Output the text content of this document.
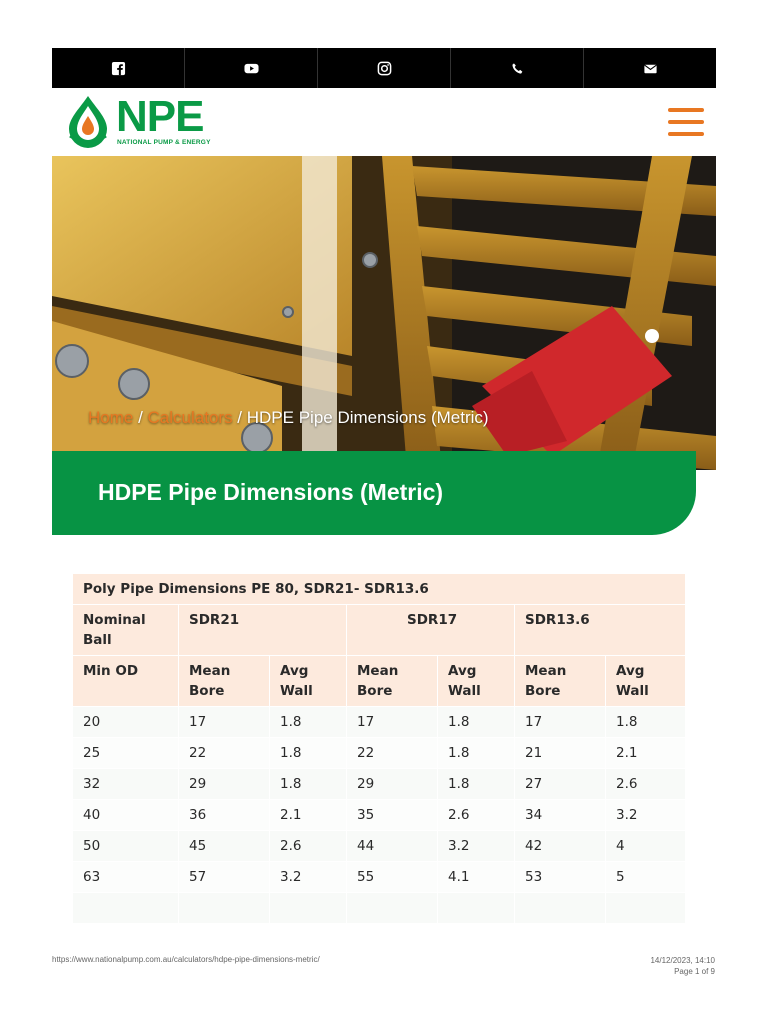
NPE
NATIONAL PUMP & ENERGY
Home / Calculators / HDPE Pipe Dimensions (Metric)
HDPE Pipe Dimensions (Metric)
Poly Pipe Dimensions PE 80, SDR21- SDR13.6						
Nominal Ball	SDR21		SDR17		SDR13.6	
Min OD	Mean Bore	Avg Wall	Mean Bore	Avg Wall	Mean Bore	Avg Wall
20	17	1.8	17	1.8	17	1.8
25	22	1.8	22	1.8	21	2.1
32	29	1.8	29	1.8	27	2.6
40	36	2.1	35	2.6	34	3.2
50	45	2.6	44	3.2	42	4
63	57	3.2	55	4.1	53	5

https://www.nationalpump.com.au/calculators/hdpe-pipe-dimensions-metric/	14/12/2023, 14:10
Page 1 of 9
